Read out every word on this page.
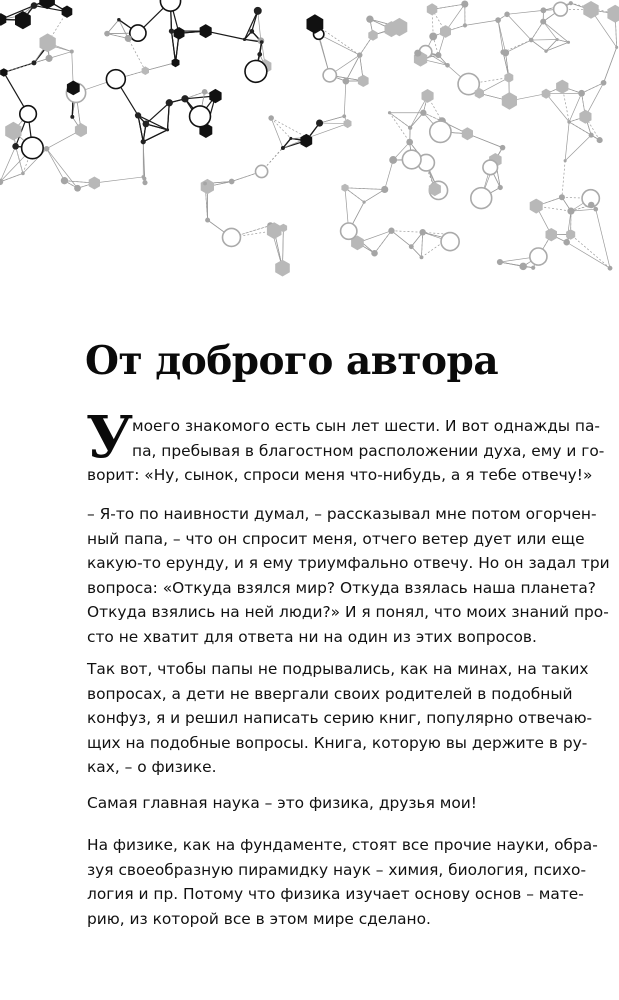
От доброго автора
У
моего знакомого есть сын лет шести. И вот однажды па-
па, пребывая в благостном расположении духа, ему и го-
ворит: «Ну, сынок, спроси меня что-нибудь, а я тебе отвечу!»
– Я-то по наивности думал, – рассказывал мне потом огорчен-
ный папа, – что он спросит меня, отчего ветер дует или еще
какую-то ерунду, и я ему триумфально отвечу. Но он задал три
вопроса: «Откуда взялся мир? Откуда взялась наша планета?
Откуда взялись на ней люди?» И я понял, что моих знаний про-
сто не хватит для ответа ни на один из этих вопросов.
Так вот, чтобы папы не подрывались, как на минах, на таких
вопросах, а дети не ввергали своих родителей в подобный
конфуз, я и решил написать серию книг, популярно отвечаю-
щих на подобные вопросы. Книга, которую вы держите в ру-
ках, – о физике.
Самая главная наука – это физика, друзья мои!
На физике, как на фундаменте, стоят все прочие науки, обра-
зуя своеобразную пирамидку наук – химия, биология, психо-
логия и пр. Потому что физика изучает основу основ – мате-
рию, из которой все в этом мире сделано.
